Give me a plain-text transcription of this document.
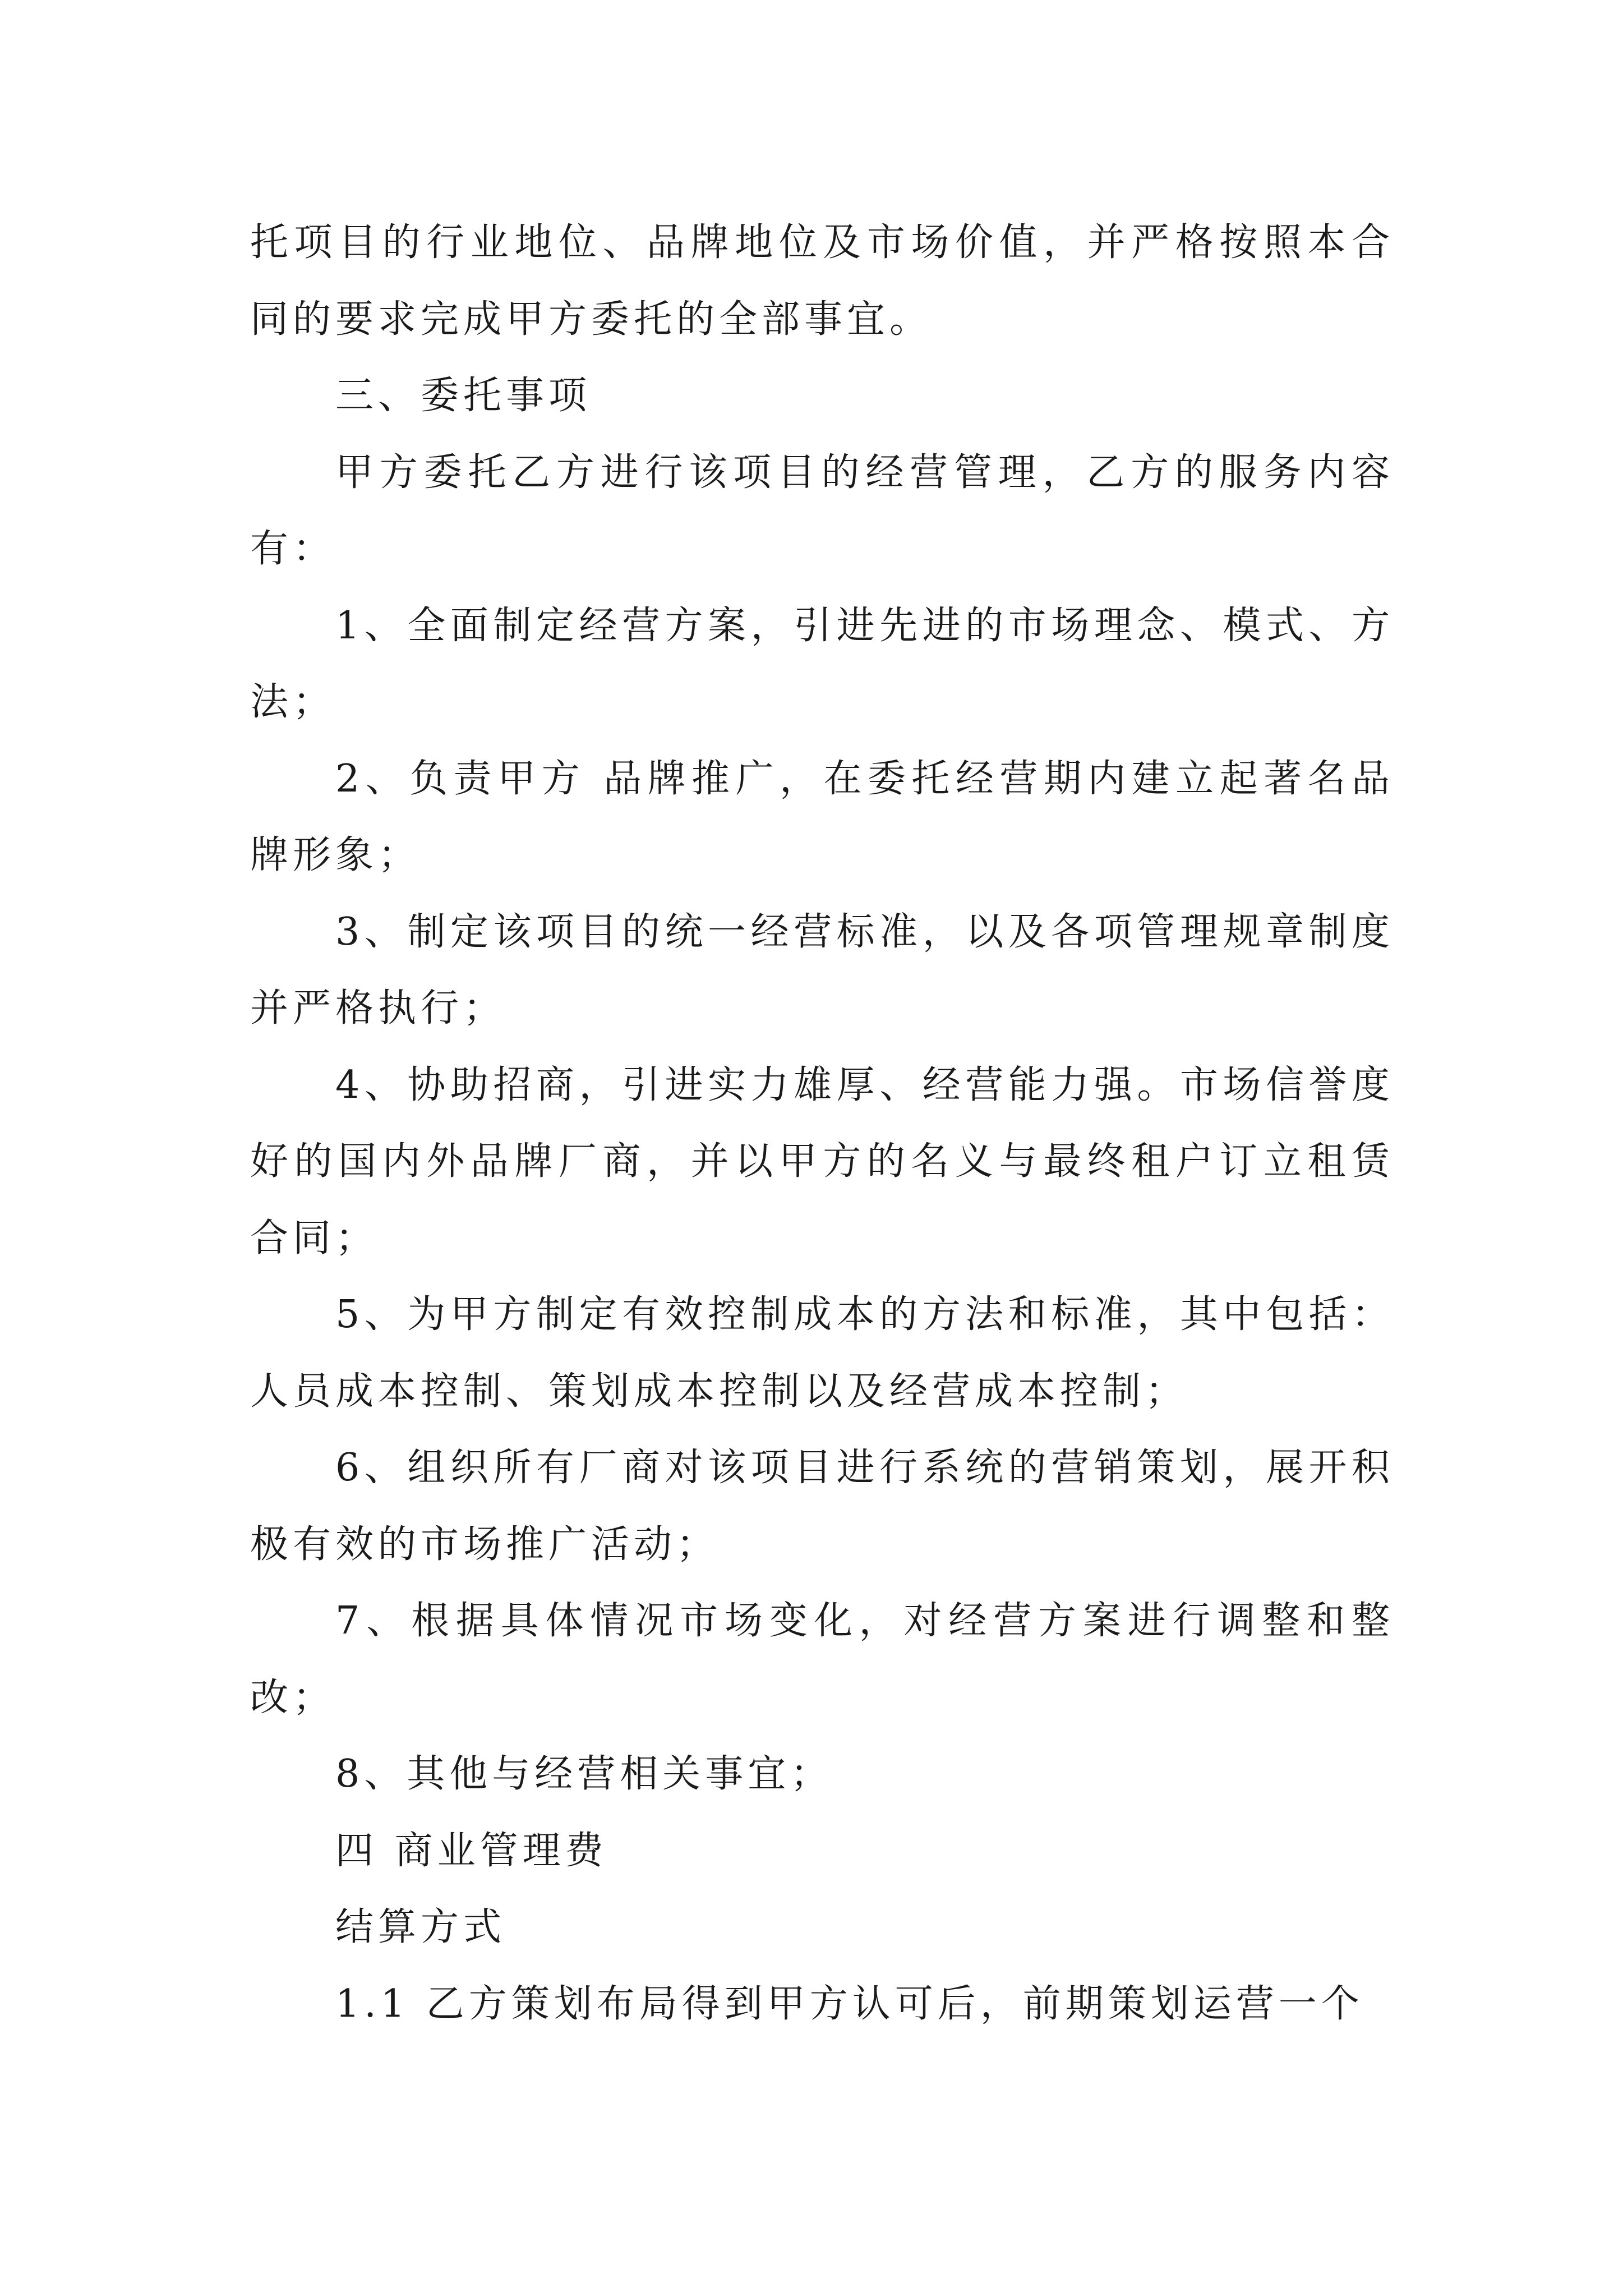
托项目的行业地位、品牌地位及市场价值，并严格按照本合同的要求完成甲方委托的全部事宜。

三、委托事项

甲方委托乙方进行该项目的经营管理，乙方的服务内容有：

1、全面制定经营方案，引进先进的市场理念、模式、方法；

2、负责甲方 品牌推广，在委托经营期内建立起著名品牌形象；

3、制定该项目的统一经营标准，以及各项管理规章制度并严格执行；

4、协助招商，引进实力雄厚、经营能力强。市场信誉度好的国内外品牌厂商，并以甲方的名义与最终租户订立租赁合同；

5、为甲方制定有效控制成本的方法和标准，其中包括：人员成本控制、策划成本控制以及经营成本控制；

6、组织所有厂商对该项目进行系统的营销策划，展开积极有效的市场推广活动；

7、根据具体情况市场变化，对经营方案进行调整和整改；

8、其他与经营相关事宜；

四 商业管理费

结算方式

1.1 乙方策划布局得到甲方认可后，前期策划运营一个
